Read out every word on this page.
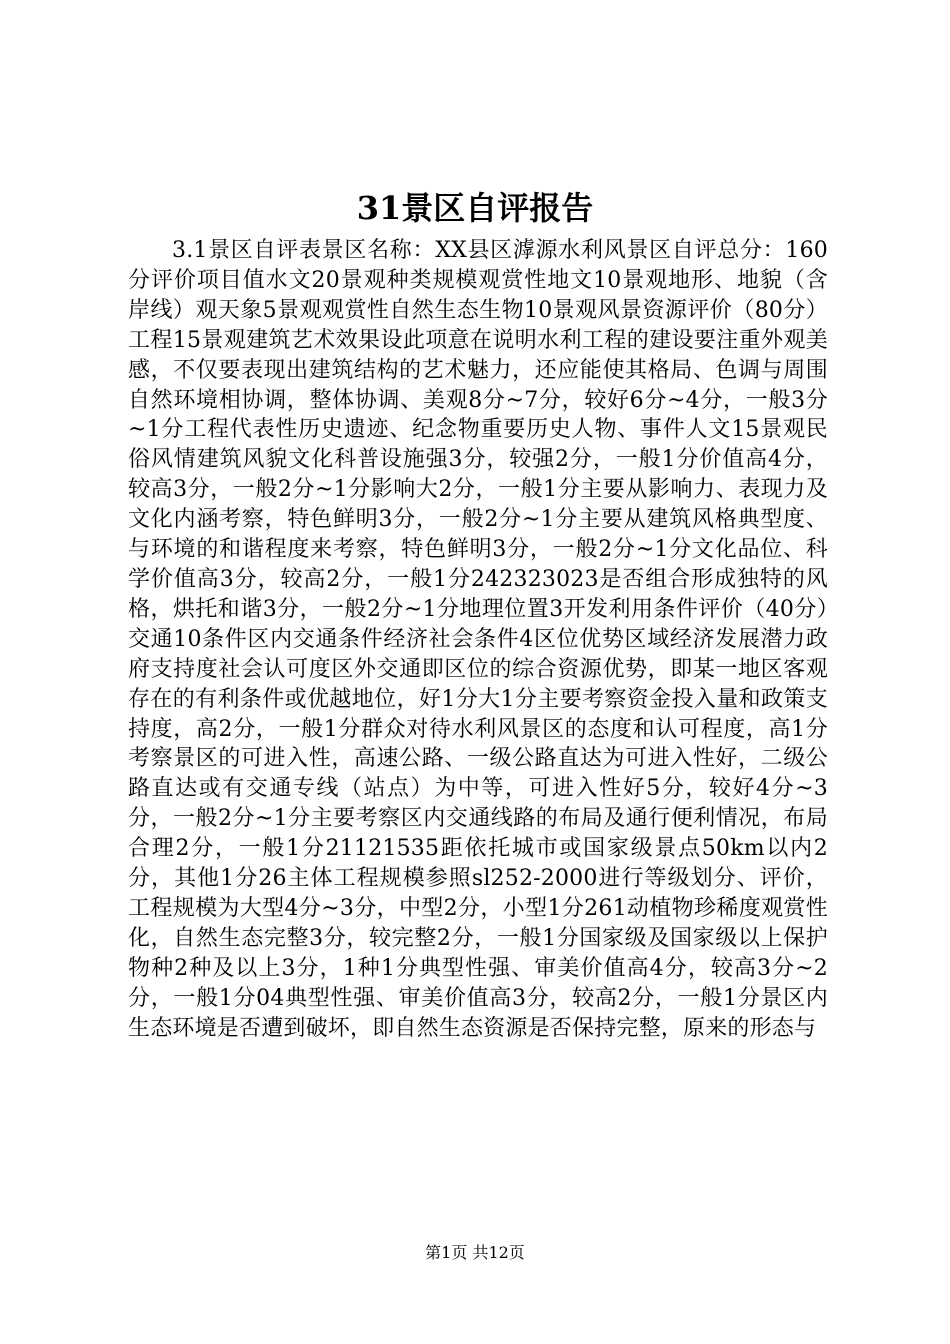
31景区自评报告

3.1景区自评表景区名称：XX县区滹源水利风景区自评总分：160分评价项目值水文20景观种类规模观赏性地文10景观地形、地貌（含岸线）观天象5景观观赏性自然生态生物10景观风景资源评价（80分）工程15景观建筑艺术效果设此项意在说明水利工程的建设要注重外观美感，不仅要表现出建筑结构的艺术魅力，还应能使其格局、色调与周围自然环境相协调，整体协调、美观8分~7分，较好6分~4分，一般3分~1分工程代表性历史遗迹、纪念物重要历史人物、事件人文15景观民俗风情建筑风貌文化科普设施强3分，较强2分，一般1分价值高4分，较高3分，一般2分~1分影响大2分，一般1分主要从影响力、表现力及文化内涵考察，特色鲜明3分，一般2分~1分主要从建筑风格典型度、与环境的和谐程度来考察，特色鲜明3分，一般2分~1分文化品位、科学价值高3分，较高2分，一般1分242323023是否组合形成独特的风格，烘托和谐3分，一般2分~1分地理位置3开发利用条件评价（40分）交通10条件区内交通条件经济社会条件4区位优势区域经济发展潜力政府支持度社会认可度区外交通即区位的综合资源优势，即某一地区客观存在的有利条件或优越地位，好1分大1分主要考察资金投入量和政策支持度，高2分，一般1分群众对待水利风景区的态度和认可程度，高1分考察景区的可进入性，高速公路、一级公路直达为可进入性好，二级公路直达或有交通专线（站点）为中等，可进入性好5分，较好4分~3分，一般2分~1分主要考察区内交通线路的布局及通行便利情况，布局合理2分，一般1分21121535距依托城市或国家级景点50km以内2分，其他1分26主体工程规模参照sl252-2000进行等级划分、评价，工程规模为大型4分~3分，中型2分，小型1分261动植物珍稀度观赏性化，自然生态完整3分，较完整2分，一般1分国家级及国家级以上保护物种2种及以上3分，1种1分典型性强、审美价值高4分，较高3分~2分，一般1分04典型性强、审美价值高3分，较高2分，一般1分景区内生态环境是否遭到破坏，即自然生态资源是否保持完整，原来的形态与

第1页 共12页
